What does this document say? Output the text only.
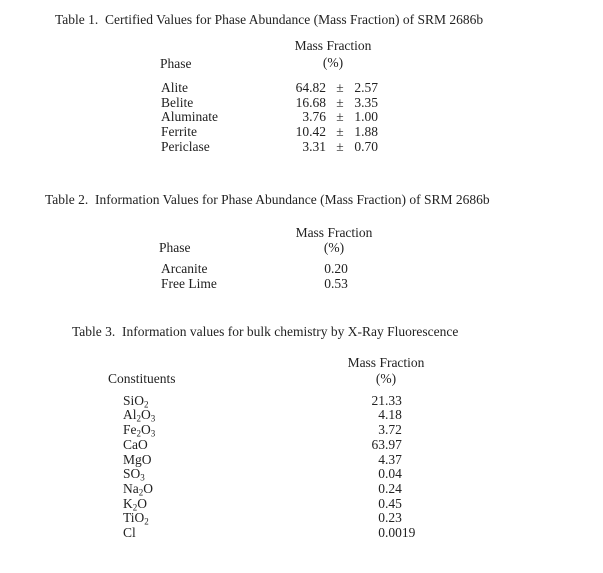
Table 1.  Certified Values for Phase Abundance (Mass Fraction) of SRM 2686b
Mass Fraction
(%)
Phase
Alite	64.82 ± 2.57
Belite	16.68 ± 3.35
Aluminate	3.76 ± 1.00
Ferrite	10.42 ± 1.88
Periclase	3.31 ± 0.70
Table 2.  Information Values for Phase Abundance (Mass Fraction) of SRM 2686b
Mass Fraction
(%)
Phase
Arcanite	0 .20
Free Lime	0 .53
Table 3.  Information values for bulk chemistry by X-Ray Fluorescence
Mass Fraction
(%)
Constituents
SiO2	21 .33
Al2O3	4 .18
Fe2O3	3 .72
CaO	63 .97
MgO	4 .37
SO3	0 .04
Na2O	0 .24
K2O	0 .45
TiO2	0 .23
Cl	0 .0019
